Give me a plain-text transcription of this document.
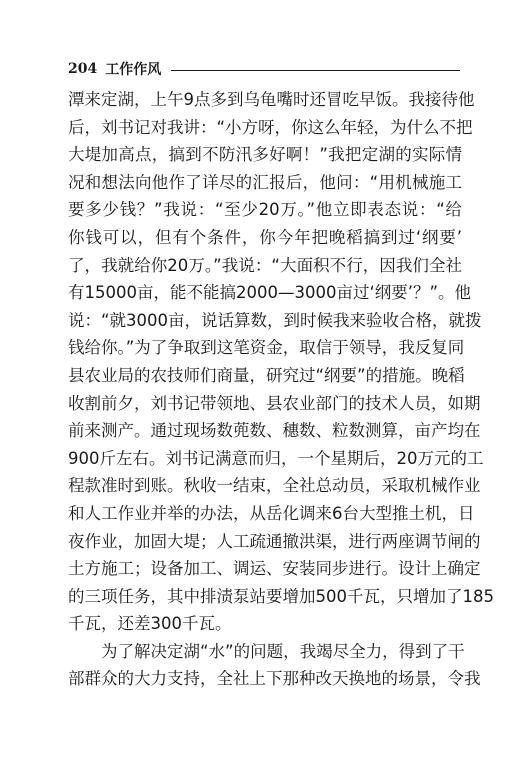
204 工作作风
潭来定湖，上午9点多到乌龟嘴时还冒吃早饭。我接待他
后，刘书记对我讲：“小方呀，你这么年轻，为什么不把
大堤加高点，搞到不防汛多好啊！”我把定湖的实际情
况和想法向他作了详尽的汇报后，他问：“用机械施工
要多少钱？”我说：“至少20万。”他立即表态说：“给
你钱可以，但有个条件，你今年把晚稻搞到过‘纲要’
了，我就给你20万。”我说：“大面积不行，因我们全社
有15000亩，能不能搞2000—3000亩过‘纲要’？”。他
说：“就3000亩，说话算数，到时候我来验收合格，就拨
钱给你。”为了争取到这笔资金，取信于领导，我反复同
县农业局的农技师们商量，研究过“纲要”的措施。晚稻
收割前夕，刘书记带领地、县农业部门的技术人员，如期
前来测产。通过现场数蔸数、穗数、粒数测算，亩产均在
900斤左右。刘书记满意而归，一个星期后，20万元的工
程款准时到账。秋收一结束，全社总动员，采取机械作业
和人工作业并举的办法，从岳化调来6台大型推土机，日
夜作业，加固大堤；人工疏通撤洪渠，进行两座调节闸的
土方施工；设备加工、调运、安装同步进行。设计上确定
的三项任务，其中排渍泵站要增加500千瓦，只增加了185
千瓦，还差300千瓦。
为了解决定湖“水”的问题，我竭尽全力，得到了干
部群众的大力支持，全社上下那种改天换地的场景，令我
